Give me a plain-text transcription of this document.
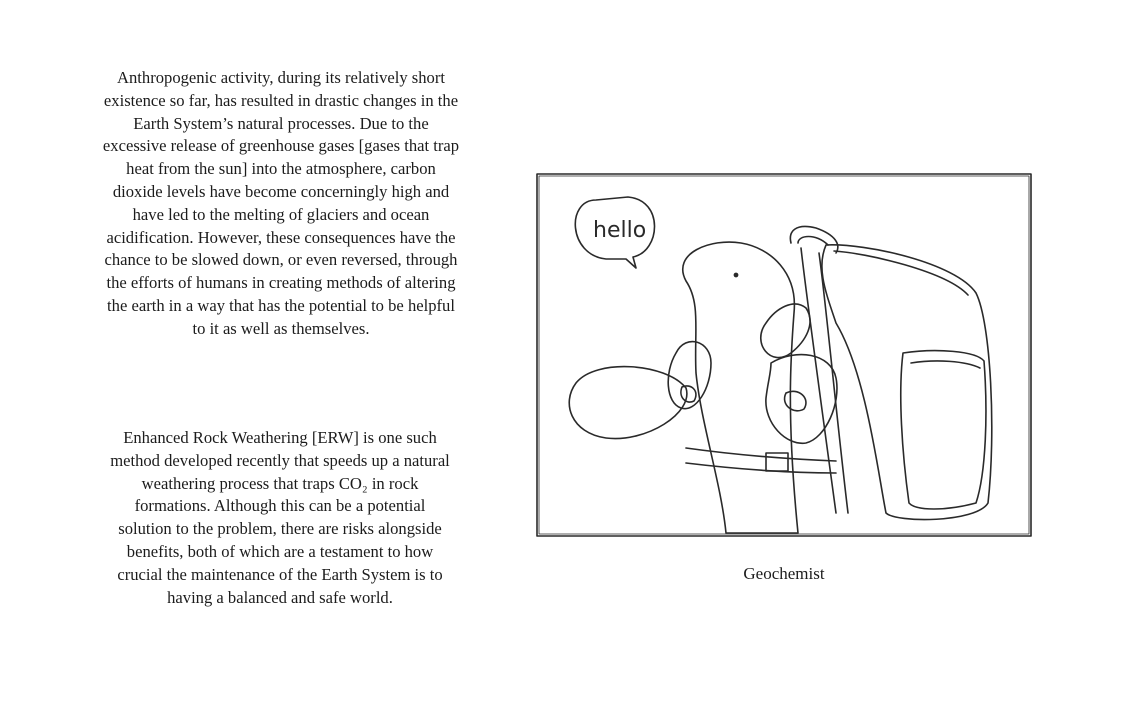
Anthropogenic activity, during its relatively short existence so far, has resulted in drastic changes in the Earth System’s natural processes. Due to the excessive release of greenhouse gases [gases that trap heat from the sun] into the atmosphere, carbon dioxide levels have become concerningly high and have led to the melting of glaciers and ocean acidification. However, these consequences have the chance to be slowed down, or even reversed, through the efforts of humans in creating methods of altering the earth in a way that has the potential to be helpful to it as well as themselves.

Enhanced Rock Weathering [ERW] is one such method developed recently that speeds up a natural weathering process that traps CO₂ in rock formations. Although this can be a potential solution to the problem, there are risks alongside benefits, both of which are a testament to how crucial the maintenance of the Earth System is to having a balanced and safe world.

hello
Geochemist
